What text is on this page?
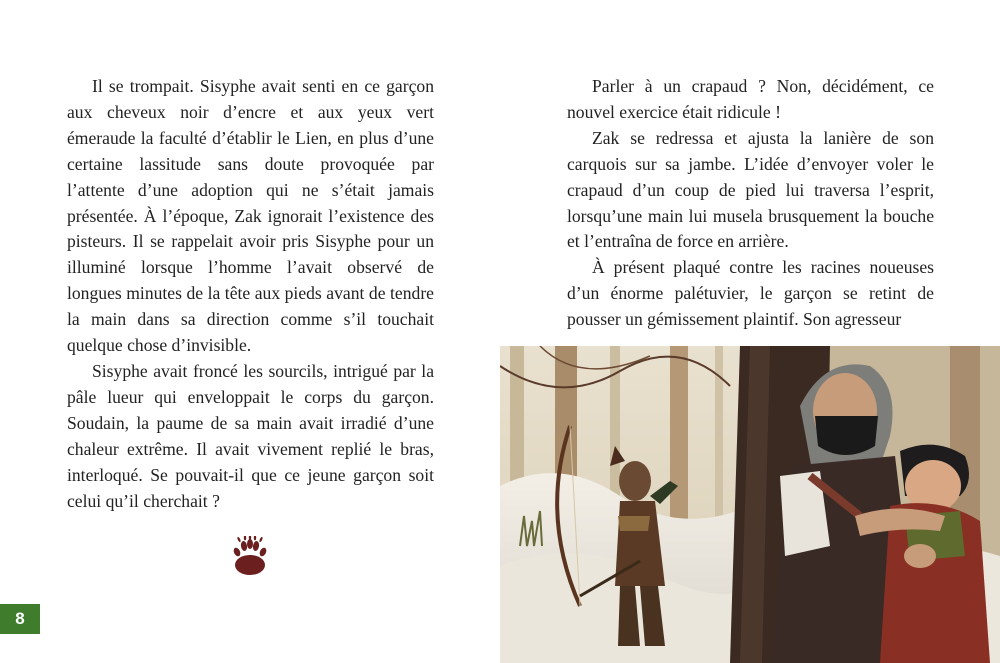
Il se trompait. Sisyphe avait senti en ce garçon aux cheveux noir d’encre et aux yeux vert émeraude la faculté d’établir le Lien, en plus d’une certaine lassitude sans doute provoquée par l’attente d’une adoption qui ne s’était jamais présentée. À l’époque, Zak ignorait l’existence des pisteurs. Il se rappelait avoir pris Sisyphe pour un illuminé lorsque l’homme l’avait observé de longues minutes de la tête aux pieds avant de tendre la main dans sa direction comme s’il touchait quelque chose d’invisible.

Sisyphe avait froncé les sourcils, intrigué par la pâle lueur qui enveloppait le corps du garçon. Soudain, la paume de sa main avait irradié d’une chaleur extrême. Il avait vivement replié le bras, interloqué. Se pouvait-il que ce jeune garçon soit celui qu’il cherchait ?

8

Parler à un crapaud ? Non, décidément, ce nouvel exercice était ridicule !

Zak se redressa et ajusta la lanière de son carquois sur sa jambe. L’idée d’envoyer voler le crapaud d’un coup de pied lui traversa l’esprit, lorsqu’une main lui musela brusquement la bouche et l’entraîna de force en arrière.

À présent plaqué contre les racines noueuses d’un énorme palétuvier, le garçon se retint de pousser un gémissement plaintif. Son agresseur
